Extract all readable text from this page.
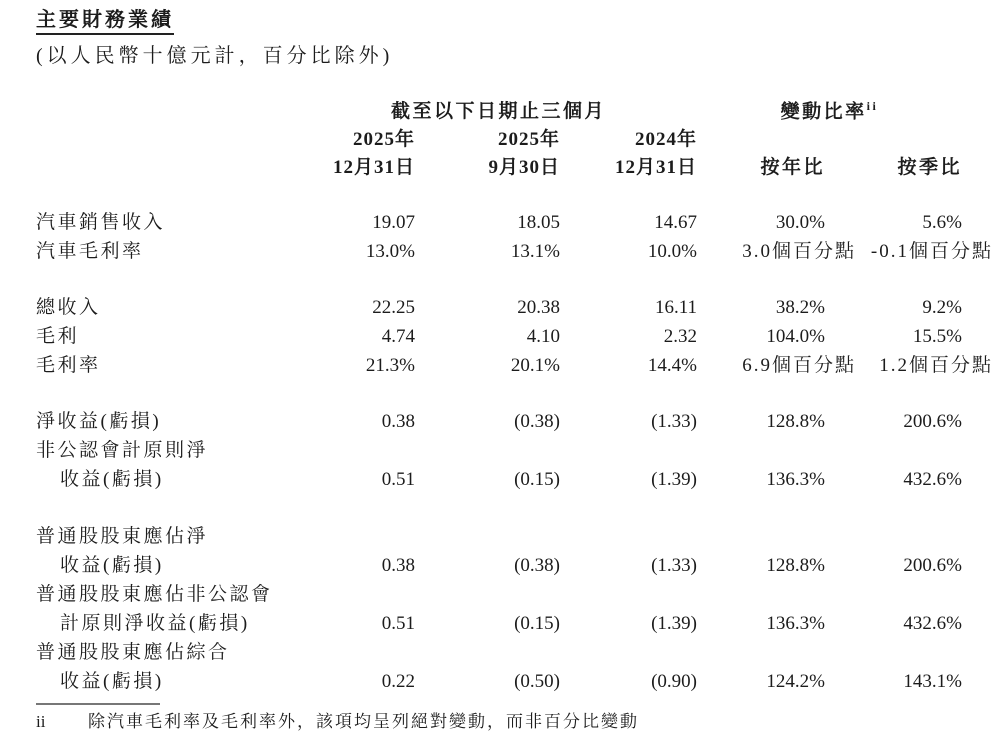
主要財務業績

(以人民幣十億元計，百分比除外)

	截至以下日期止三個月			變動比率$^{ii}$
	2025年	2025年	2024年		
	12月31日	9月30日	12月31日	按年比	按季比

汽車銷售收入	19.07	18.05	14.67	30.0%	5.6%
汽車毛利率	13.0%	13.1%	10.0%	3.0個百分點	-0.1個百分點

總收入	22.25	20.38	16.11	38.2%	9.2%
毛利	4.74	4.10	2.32	104.0%	15.5%
毛利率	21.3%	20.1%	14.4%	6.9個百分點	1.2個百分點

淨收益(虧損)	0.38	(0.38)	(1.33)	128.8%	200.6%
非公認會計原則淨					
收益(虧損)	0.51	(0.15)	(1.39)	136.3%	432.6%

普通股股東應佔淨					
收益(虧損)	0.38	(0.38)	(1.33)	128.8%	200.6%
普通股股東應佔非公認會					
計原則淨收益(虧損)	0.51	(0.15)	(1.39)	136.3%	432.6%
普通股股東應佔綜合					
收益(虧損)	0.22	(0.50)	(0.90)	124.2%	143.1%
ii	除汽車毛利率及毛利率外，該項均呈列絕對變動，而非百分比變動
